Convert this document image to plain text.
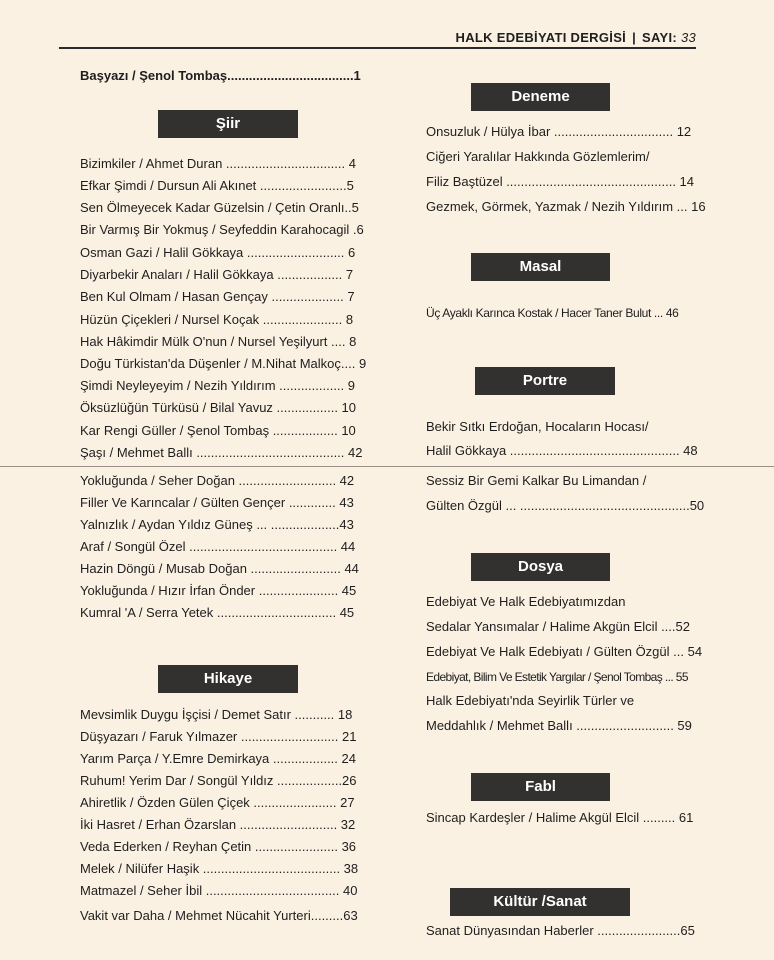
HALK EDEBİYATI DERGİSİ | SAYI: 33
Başyazı / Şenol Tombaş...................................1
Şiir
Bizimkiler / Ahmet Duran ................................. 4
Efkar Şimdi / Dursun Ali Akınet ........................5
Sen Ölmeyecek Kadar Güzelsin / Çetin Oranlı..5
Bir Varmış Bir Yokmuş / Seyfeddin Karahocagil .6
Osman Gazi / Halil Gökkaya ........................... 6
Diyarbekir Anaları / Halil Gökkaya .................. 7
Ben Kul Olmam / Hasan Gençay .................... 7
Hüzün Çiçekleri / Nursel Koçak ...................... 8
Hak Hâkimdir Mülk O'nun / Nursel Yeşilyurt .... 8
Doğu Türkistan'da Düşenler / M.Nihat Malkoç.... 9
Şimdi Neyleyeyim / Nezih Yıldırım .................. 9
Öksüzlüğün Türküsü / Bilal Yavuz ................. 10
Kar Rengi Güller / Şenol Tombaş .................. 10
Şaşı / Mehmet Ballı ......................................... 42
Yokluğunda / Seher Doğan ........................... 42
Filler Ve Karıncalar / Gülten Gençer ............. 43
Yalnızlık / Aydan Yıldız Güneş ... ...................43
Araf / Songül Özel ......................................... 44
Hazin Döngü / Musab Doğan ......................... 44
Yokluğunda / Hızır İrfan Önder ...................... 45
Kumral 'A / Serra Yetek ................................. 45
Hikaye
Mevsimlik Duygu İşçisi / Demet Satır ........... 18
Düşyazarı / Faruk Yılmazer ........................... 21
Yarım Parça / Y.Emre Demirkaya .................. 24
Ruhum! Yerim Dar / Songül Yıldız ..................26
Ahiretlik / Özden Gülen Çiçek ....................... 27
İki Hasret / Erhan Özarslan ........................... 32
Veda Ederken / Reyhan Çetin ....................... 36
Melek / Nilüfer Haşik ...................................... 38
Matmazel / Seher İbil ..................................... 40
Vakit var Daha / Mehmet Nücahit Yurteri.........63
Deneme
Onsuzluk / Hülya İbar ................................. 12
Ciğeri Yaralılar Hakkında Gözlemlerim/
Filiz Baştüzel ............................................... 14
Gezmek, Görmek, Yazmak / Nezih Yıldırım ... 16
Masal
Üç Ayaklı Karınca Kostak / Hacer Taner Bulut ... 46
Portre
Bekir Sıtkı Erdoğan, Hocaların Hocası/
Halil Gökkaya ............................................... 48
Sessiz Bir Gemi Kalkar Bu Limandan /
Gülten Özgül ... ...............................................50
Dosya
Edebiyat Ve Halk Edebiyatımızdan
Sedalar Yansımalar / Halime Akgün Elcil ....52
Edebiyat Ve Halk Edebiyatı / Gülten Özgül ... 54
Edebiyat, Bilim Ve Estetik Yargılar / Şenol Tombaş ... 55
Halk Edebiyatı'nda Seyirlik Türler ve
Meddahlık / Mehmet Ballı ........................... 59
Fabl
Sincap Kardeşler / Halime Akgül Elcil ......... 61
Kültür /Sanat
Sanat Dünyasından Haberler .......................65
